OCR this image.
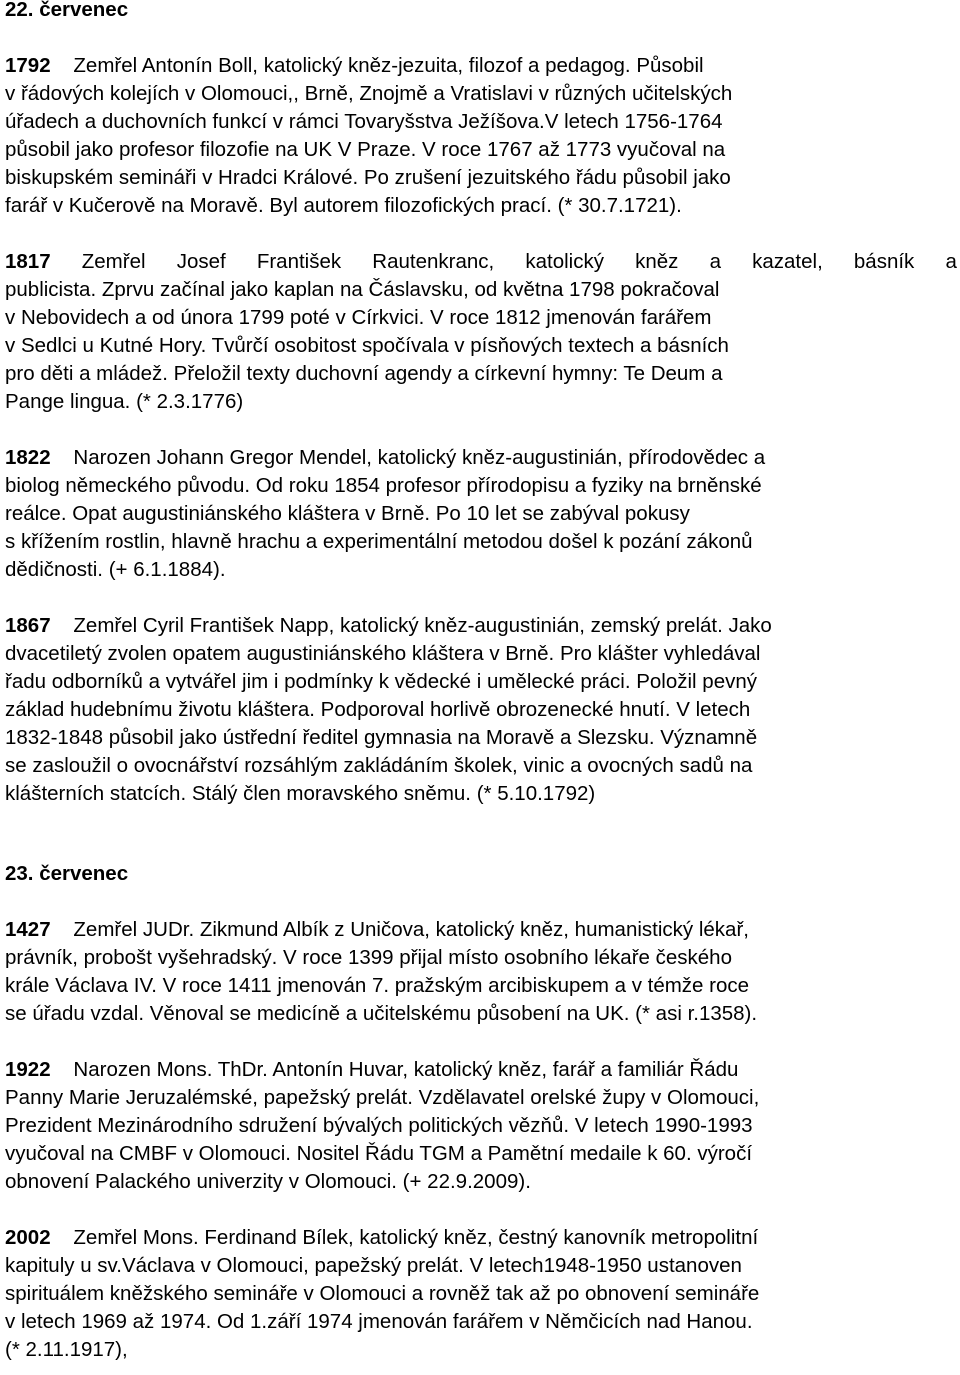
22. červenec

1792 Zemřel Antonín Boll, katolický kněz-jezuita, filozof a pedagog. Působil
v řádových kolejích v Olomouci,, Brně, Znojmě a Vratislavi v různých učitelských
úřadech a duchovních funkcí v rámci Tovaryšstva Ježíšova.V letech 1756-1764
působil jako profesor filozofie na UK V Praze. V roce 1767 až 1773 vyučoval na
biskupském semináři v Hradci Králové. Po zrušení jezuitského řádu působil jako
farář v Kučerově na Moravě. Byl autorem filozofických prací. (* 30.7.1721).
1817 Zemřel Josef František Rautenkranc, katolický kněz a kazatel, básník a
publicista. Zprvu začínal jako kaplan na Čáslavsku, od května 1798 pokračoval
v Nebovidech a od února 1799 poté v Církvici. V roce 1812 jmenován farářem
v Sedlci u Kutné Hory. Tvůrčí osobitost spočívala v písňových textech a básních
pro děti a mládež. Přeložil texty duchovní agendy a církevní hymny: Te Deum a
Pange lingua. (* 2.3.1776)
1822 Narozen Johann Gregor Mendel, katolický kněz-augustinián, přírodovědec a
biolog německého původu. Od roku 1854 profesor přírodopisu a fyziky na brněnské
reálce. Opat augustiniánského kláštera v Brně. Po 10 let se zabýval pokusy
s křížením rostlin, hlavně hrachu a experimentální metodou došel k pozání zákonů
dědičnosti. (+ 6.1.1884).
1867 Zemřel Cyril František Napp, katolický kněz-augustinián, zemský prelát. Jako
dvacetiletý zvolen opatem augustiniánského kláštera v Brně. Pro klášter vyhledával
řadu odborníků a vytvářel jim i podmínky k vědecké i umělecké práci. Položil pevný
základ hudebnímu životu kláštera. Podporoval horlivě obrozenecké hnutí. V letech
1832-1848 působil jako ústřední ředitel gymnasia na Moravě a Slezsku. Významně
se zasloužil o ovocnářství rozsáhlým zakládáním školek, vinic a ovocných sadů na
klášterních statcích. Stálý člen moravského sněmu. (* 5.10.1792)

23. červenec

1427 Zemřel JUDr. Zikmund Albík z Uničova, katolický kněz, humanistický lékař,
právník, probošt vyšehradský. V roce 1399 přijal místo osobního lékaře českého
krále Václava IV. V roce 1411 jmenován 7. pražským arcibiskupem a v témže roce
se úřadu vzdal. Věnoval se medicíně a učitelskému působení na UK. (* asi r.1358).
1922 Narozen Mons. ThDr. Antonín Huvar, katolický kněz, farář a familiár Řádu
Panny Marie Jeruzalémské, papežský prelát. Vzdělavatel orelské župy v Olomouci,
Prezident Mezinárodního sdružení bývalých politických vězňů. V letech 1990-1993
vyučoval na CMBF v Olomouci. Nositel Řádu TGM a Pamětní medaile k 60. výročí
obnovení Palackého univerzity v Olomouci. (+ 22.9.2009).
2002 Zemřel Mons. Ferdinand Bílek, katolický kněz, čestný kanovník metropolitní
kapituly u sv.Václava v Olomouci, papežský prelát. V letech1948-1950 ustanoven
spirituálem kněžského semináře v Olomouci a rovněž tak až po obnovení semináře
v letech 1969 až 1974. Od 1.září 1974 jmenován farářem v Němčicích nad Hanou.
(* 2.11.1917),
